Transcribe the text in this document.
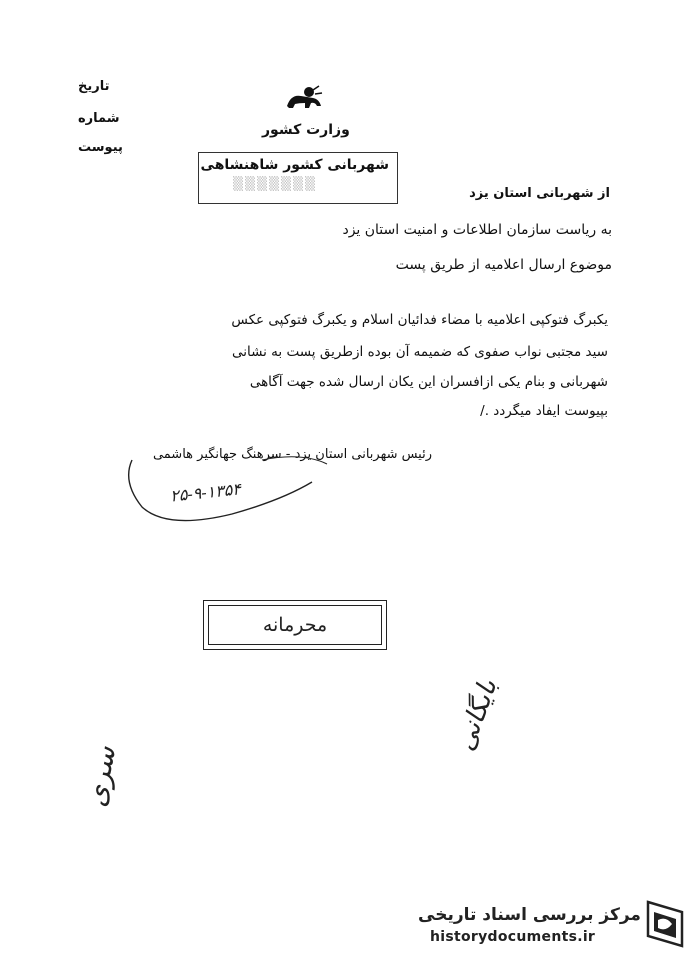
تاریخ
شماره
پیوست
وزارت کشور
شهربانی کشور شاهنشاهی
▒▒▒▒▒▒▒
از شهربانی استان یزد
به ریاست سازمان اطلاعات و امنیت استان یزد
موضوع ارسال اعلامیه از طریق پست
یکبرگ فتوکپی اعلامیه با مضاء فدائیان اسلام و یکبرگ فتوکپی عکس
سید مجتبی نواب صفوی که ضمیمه آن بوده ازطریق پست به نشانی
شهربانی و بنام یکی ازافسران این یکان ارسال شده جهت آگاهی
بپیوست ایفاد میگردد ./
رئیس شهربانی استان یزد - سرهنگ جهانگیر هاشمی
۲۵-۹-۱۳۵۴
محرمانه
بایگانی
سری
مرکز بررسی اسناد تاریخی
historydocuments.ir
